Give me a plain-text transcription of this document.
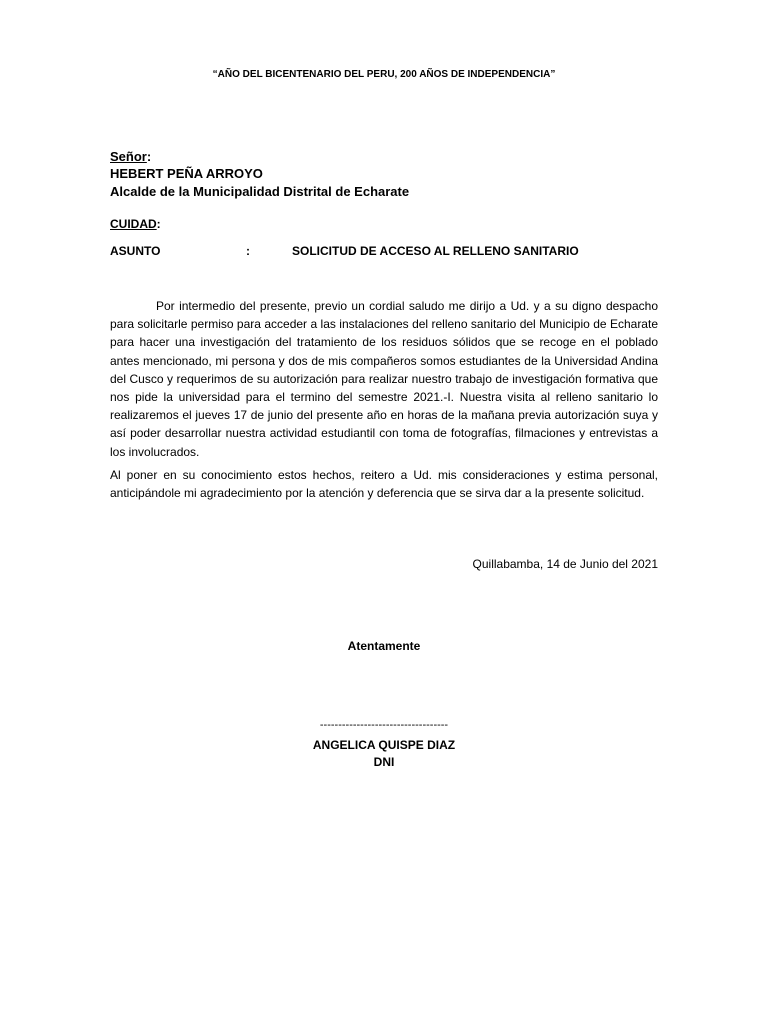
“AÑO DEL BICENTENARIO DEL PERU, 200 AÑOS DE INDEPENDENCIA”
Señor:
HEBERT PEÑA ARROYO
Alcalde de la Municipalidad Distrital de Echarate
CUIDAD:
ASUNTO	:	SOLICITUD DE ACCESO AL RELLENO SANITARIO

Por intermedio del presente, previo un cordial saludo me dirijo a Ud. y a su digno despacho para solicitarle permiso para acceder a las instalaciones del relleno sanitario del Municipio de Echarate para hacer una investigación del tratamiento de los residuos sólidos que se recoge en el poblado antes mencionado, mi persona y dos de mis compañeros somos estudiantes de la Universidad Andina del Cusco y requerimos de su autorización para realizar nuestro trabajo de investigación formativa que nos pide la universidad para el termino del semestre 2021.-I. Nuestra visita al relleno sanitario lo realizaremos el jueves 17 de junio del presente año en horas de la mañana previa autorización suya y así poder desarrollar nuestra actividad estudiantil con toma de fotografías, filmaciones y entrevistas a los involucrados.

Al poner en su conocimiento estos hechos, reitero a Ud. mis consideraciones y estima personal, anticipándole mi agradecimiento por la atención y deferencia que se sirva dar a la presente solicitud.

Quillabamba, 14 de Junio del 2021
Atentamente
-----------------------------------
ANGELICA QUISPE DIAZ
DNI
